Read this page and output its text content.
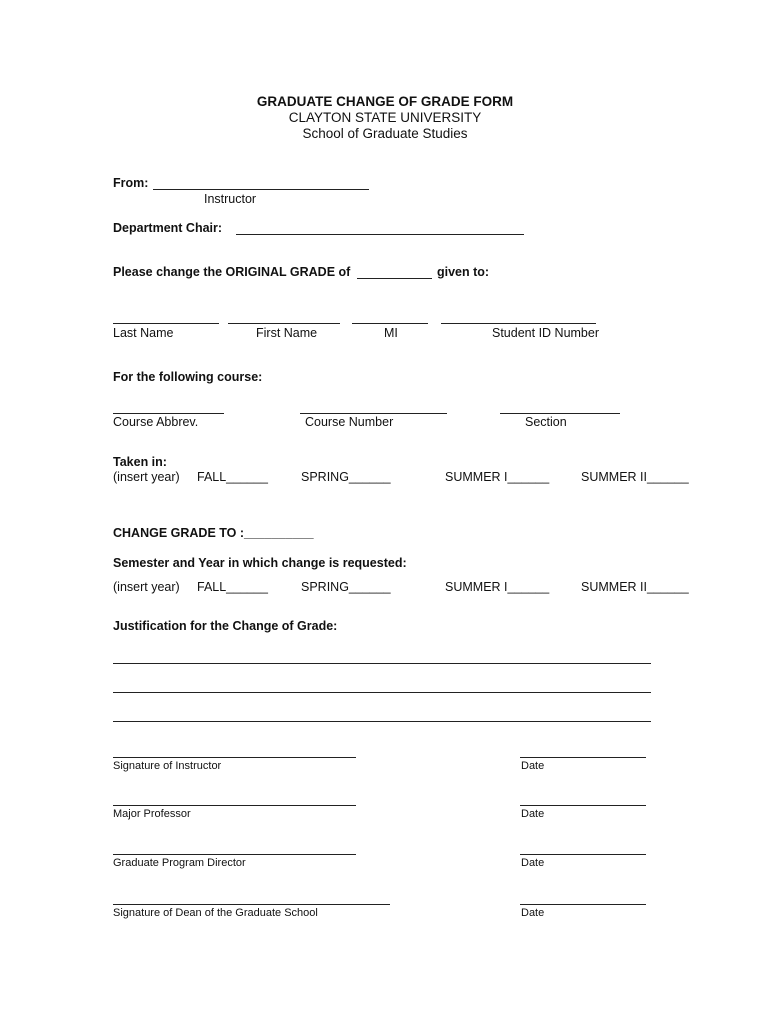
GRADUATE CHANGE OF GRADE FORM
CLAYTON STATE UNIVERSITY
School of Graduate Studies
From:
Instructor
Department Chair:
Please change the ORIGINAL GRADE of	given to:
Last Name	First Name	MI	Student ID Number
For the following course:
Course Abbrev.	Course Number	Section
Taken in:
(insert year) FALL______	SPRING______	SUMMER I______	SUMMER II______
CHANGE GRADE TO :__________
Semester and Year in which change is requested:
(insert year) FALL______	SPRING______	SUMMER I______	SUMMER II______
Justification for the Change of Grade:
Signature of Instructor	Date
Major Professor	Date
Graduate Program Director	Date
Signature of Dean of the Graduate School	Date
